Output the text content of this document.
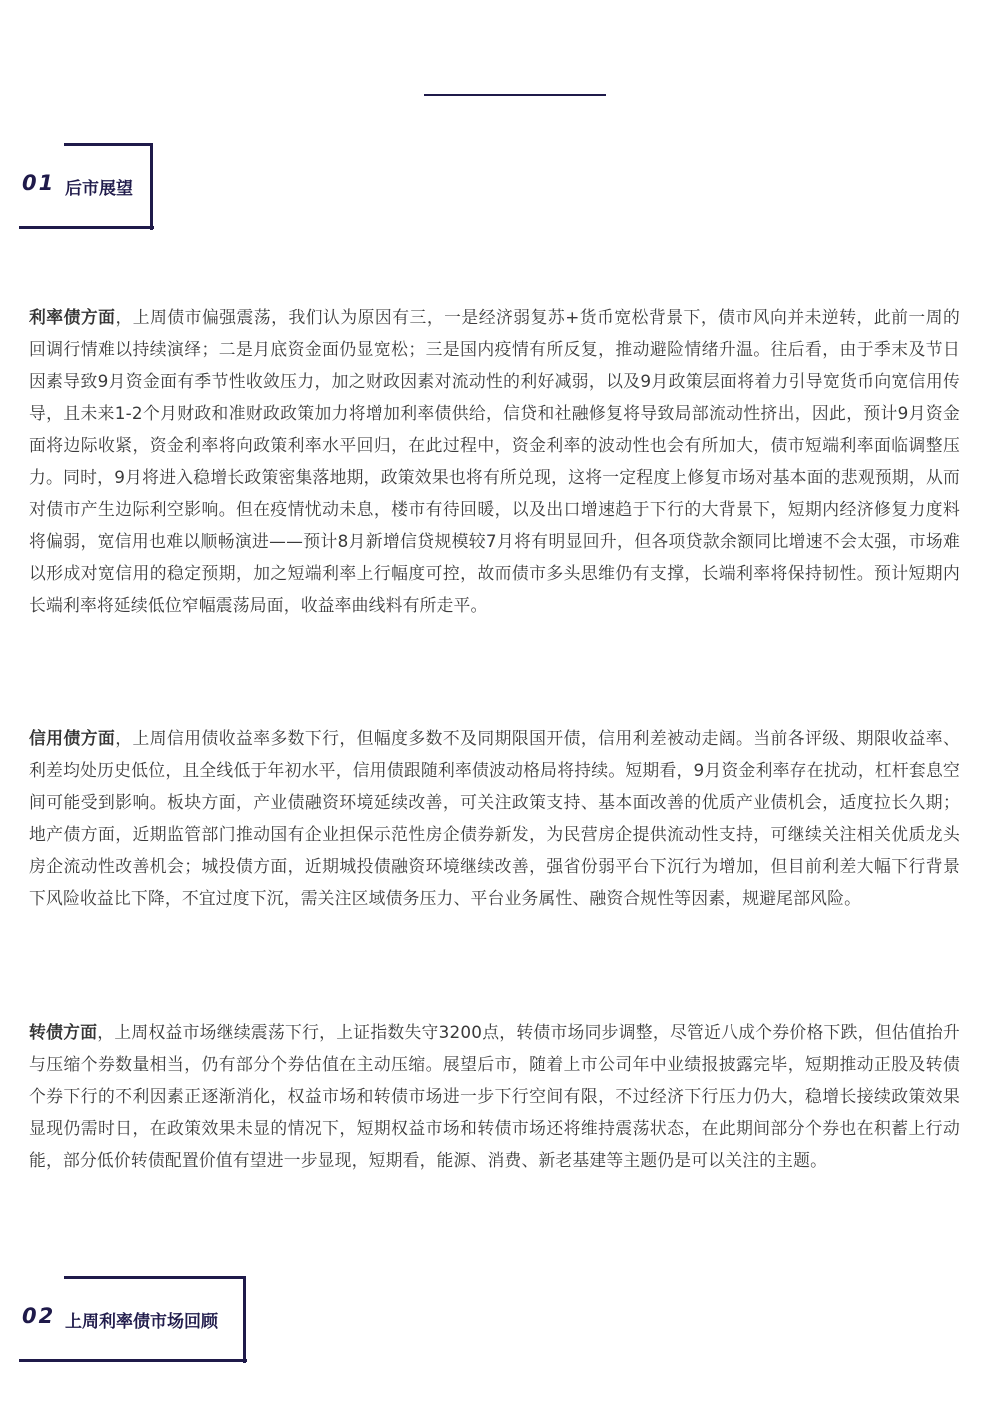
01 后市展望

利率债方面，上周债市偏强震荡，我们认为原因有三，一是经济弱复苏+货币宽松背景下，债市风向并未逆转，此前一周的回调行情难以持续演绎；二是月底资金面仍显宽松；三是国内疫情有所反复，推动避险情绪升温。往后看，由于季末及节日因素导致9月资金面有季节性收敛压力，加之财政因素对流动性的利好减弱，以及9月政策层面将着力引导宽货币向宽信用传导，且未来1-2个月财政和准财政政策加力将增加利率债供给，信贷和社融修复将导致局部流动性挤出，因此，预计9月资金面将边际收紧，资金利率将向政策利率水平回归，在此过程中，资金利率的波动性也会有所加大，债市短端利率面临调整压力。同时，9月将进入稳增长政策密集落地期，政策效果也将有所兑现，这将一定程度上修复市场对基本面的悲观预期，从而对债市产生边际利空影响。但在疫情忧动未息，楼市有待回暖，以及出口增速趋于下行的大背景下，短期内经济修复力度料将偏弱，宽信用也难以顺畅演进——预计8月新增信贷规模较7月将有明显回升，但各项贷款余额同比增速不会太强，市场难以形成对宽信用的稳定预期，加之短端利率上行幅度可控，故而债市多头思维仍有支撑，长端利率将保持韧性。预计短期内长端利率将延续低位窄幅震荡局面，收益率曲线料有所走平。

信用债方面，上周信用债收益率多数下行，但幅度多数不及同期限国开债，信用利差被动走阔。当前各评级、期限收益率、利差均处历史低位，且全线低于年初水平，信用债跟随利率债波动格局将持续。短期看，9月资金利率存在扰动，杠杆套息空间可能受到影响。板块方面，产业债融资环境延续改善，可关注政策支持、基本面改善的优质产业债机会，适度拉长久期；地产债方面，近期监管部门推动国有企业担保示范性房企债券新发，为民营房企提供流动性支持，可继续关注相关优质龙头房企流动性改善机会；城投债方面，近期城投债融资环境继续改善，强省份弱平台下沉行为增加，但目前利差大幅下行背景下风险收益比下降，不宜过度下沉，需关注区域债务压力、平台业务属性、融资合规性等因素，规避尾部风险。

转债方面，上周权益市场继续震荡下行，上证指数失守3200点，转债市场同步调整，尽管近八成个券价格下跌，但估值抬升与压缩个券数量相当，仍有部分个券估值在主动压缩。展望后市，随着上市公司年中业绩报披露完毕，短期推动正股及转债个券下行的不利因素正逐渐消化，权益市场和转债市场进一步下行空间有限，不过经济下行压力仍大，稳增长接续政策效果显现仍需时日，在政策效果未显的情况下，短期权益市场和转债市场还将维持震荡状态，在此期间部分个券也在积蓄上行动能，部分低价转债配置价值有望进一步显现，短期看，能源、消费、新老基建等主题仍是可以关注的主题。

02 上周利率债市场回顾
